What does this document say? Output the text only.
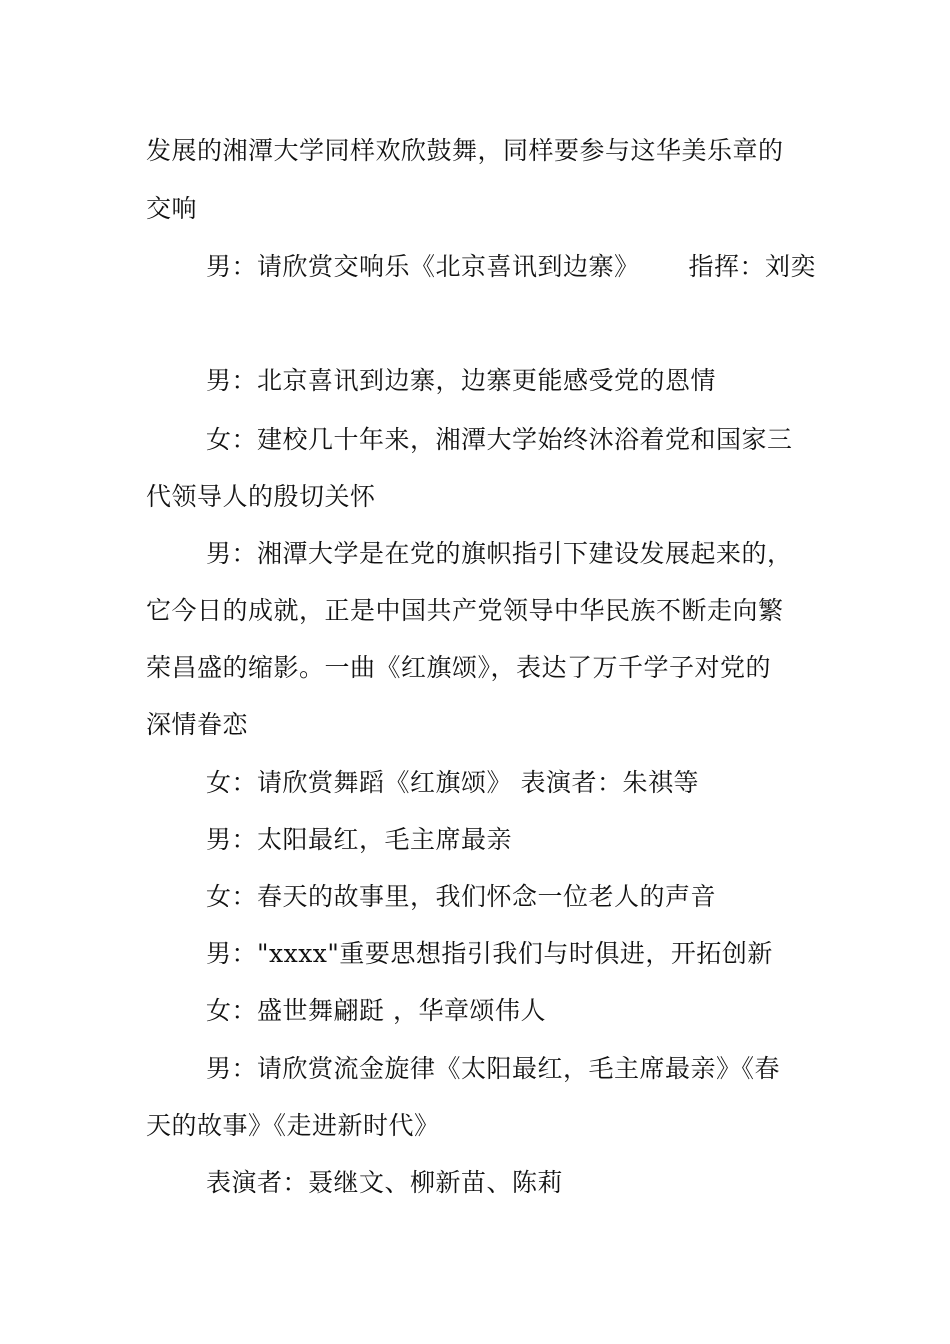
发展的湘潭大学同样欢欣鼓舞，同样要参与这华美乐章的
交响
男：请欣赏交响乐《北京喜讯到边寨》 指挥：刘奕
男：北京喜讯到边寨，边寨更能感受党的恩情
女：建校几十年来，湘潭大学始终沐浴着党和国家三
代领导人的殷切关怀
男：湘潭大学是在党的旗帜指引下建设发展起来的，
它今日的成就，正是中国共产党领导中华民族不断走向繁
荣昌盛的缩影。一曲《红旗颂》，表达了万千学子对党的
深情眷恋
女：请欣赏舞蹈《红旗颂》 表演者：朱祺等
男：太阳最红，毛主席最亲
女：春天的故事里，我们怀念一位老人的声音
男："xxxx"重要思想指引我们与时俱进，开拓创新
女：盛世舞翩跹 ，华章颂伟人
男：请欣赏流金旋律《太阳最红，毛主席最亲》《春
天的故事》《走进新时代》
表演者：聂继文、柳新苗、陈莉
